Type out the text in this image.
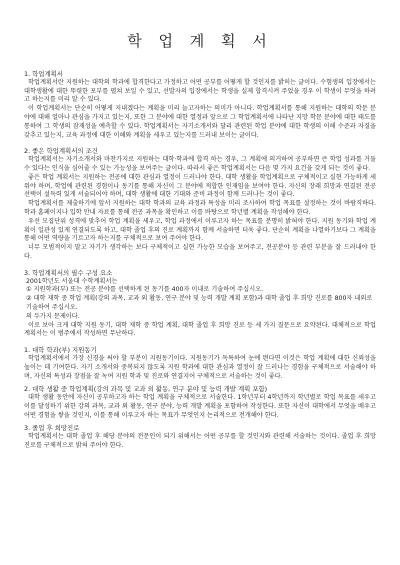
학 업 계 획 서

1. 학업계획서

학업계획서란 지원하는 대학의 학과에 합격한다고 가정하고 어떤 공부를 어떻게 할 것인지를 밝히는 글이다. 수험생의 입장에서는 대학생활에 대한 뚜렷한 포부를 펼쳐 보일 수 있고, 선발자의 입장에서는 학생을 실제 합격시켜 주었을 경우 이 학생이 무엇을 하려고 하는지를 미리 알 수 있다.

이 학업계획서는 단순히 어떻게 지내겠다는 계획을 미리 늘고자하는 의미가 아니다. 학업계획서를 통해 지원하는 대학의 학문 분야에 대해 얼마나 관심을 가지고 있는지, 또한 그 분야에 대한 열정과 앞으로 그 학업계획서에 나타난 지망 학문 분야에 대한 태도를 통하여 그 학생의 잠재성을 예측할 수 있다. 학업계획서는 자기소개서와 달리 관련된 학업 분야에 대한 학생의 이해 수준과 자질을 갖추고 있는지, 교육 과정에 대한 이해와 계획을 세우고 있는지를 드러내 보이는 글이다.

2. 좋은 학업계획서의 조건

학업계획서는 자기소개서와 마찬가지로 지원하는 대학·학과에 합격 하는 경우, 그 계획에 의거하여 공부하면 큰 학업 성과를 거둘 수 있다는 인식을 심어줄 수 있는 가능성을 보여주는 글이다. 따라서 좋은 학업계획서는 다음 몇 가지 요건을 갖게 되는 것이 좋다.

좋은 학업 계획서는 지원하는 전공에 대한 관심과 열정이 드러나야 한다. 대학 생활을 학업계획으로 구체적이고 실현 가능하게 세워야 하며, 학업에 관련된 경험이나 동기를 통해 자신이 그 분야에 적합한 인재임을 보여야 한다. 자신의 장래 희망과 연결된 전공 선택이 설득력 있게 서술되어야 하며, 대학 생활에 대한 기대와 준비 과정이 함께 드러나는 것이 좋다.

학업계획서를 제출하기에 앞서 지원하는 대학 학과의 교육 과정과 특성을 미리 조사하여 학업 목표를 설정하는 것이 바람직하다. 학과 홈페이지나 입학 안내 자료를 통해 전공 과목을 확인하고 이를 바탕으로 학년별 계획을 작성해야 한다.

우선 모집단위 성격에 맞추어 학업 계획을 세우고, 학업 과정에서 이루고자 하는 목표를 분명히 밝혀야 한다. 지원 동기와 학업 계획이 일관성 있게 연결되도록 하고, 대학 졸업 후의 진로 계획까지 함께 서술하면 더욱 좋다. 단순히 계획을 나열하기보다 그 계획을 통해 어떤 역량을 기르고자 하는지를 구체적으로 보여 주어야 한다.

너무 모범적이지 말고 자기가 생각하는 보다 구체적이고 실현 가능한 모습을 보여주고, 전공분야 등 관련 부분을 잘 드러내야 한다.

3. 학업계획서의 필수 구성 요소

2001학년도 서울대 수학계획서는

① 지원학과(부) 또는 전공 분야를 선택하게 된 동기를 400자 이내로 기술하여 주십시오.

② 대학 재학 중 학업 계획(강의 과목, 교과 외 활동, 연구 분야 및 능력 개발 계획 포함)과 대학 졸업 후 희망 진로를 800자 내외로 기술하여 주십시오.

의 두가지 문제이다.

이로 보아 크게 대학 지원 동기, 대학 재학 중 학업 계획, 대학 졸업 후 희망 진로 등 세 가지 질문으로 요약된다. 대체적으로 학업계획서는 이 범주에서 작성하면 무난하다.

1. 대학 학과(부) 지원동기

학업계획서에서 가장 신경을 써야 할 부분이 지원동기이다. 지원동기가 독특하여 눈에 띈다면 이것은 학업 계획에 대한 신뢰성을 높이는 데 기여한다. 자기 소개서와 중복되지 않도록 지원 학과에 대한 관심과 열정이 잘 드러나는 경험을 구체적으로 서술해야 하며, 자신의 특성과 장점을 잘 녹여 지원 학과 및 진로와 연결지어 구체적으로 서술하는 것이 좋다.

2. 대학 생활 중 학업계획(강의 과목 및 교과 외 활동, 연구 분야 및 능력 개발 계획 포함)

대학 생활 동안에 자신이 공부하고자 하는 학업 계획을 구체적으로 서술한다. 1학년부터 4학년까지 학년별로 학업 목표를 세우고 이를 달성하기 위한 강의 과목, 교과 외 활동, 연구 분야, 능력 개발 계획을 포함하여 작성한다. 또한 자신이 대학에서 무엇을 배우고 어떤 경험을 쌓을 것인지, 이를 통해 이루고자 하는 목표가 무엇인지 논리적으로 전개해야 한다.

3. 졸업 후 희망진로

학업계획서는 대학 졸업 후 해당 분야의 전문인이 되기 위해서는 어떤 공부를 할 것인지와 관련해 서술하는 것이다. 졸업 후 희망 진로를 구체적으로 밝혀 주어야 한다.
